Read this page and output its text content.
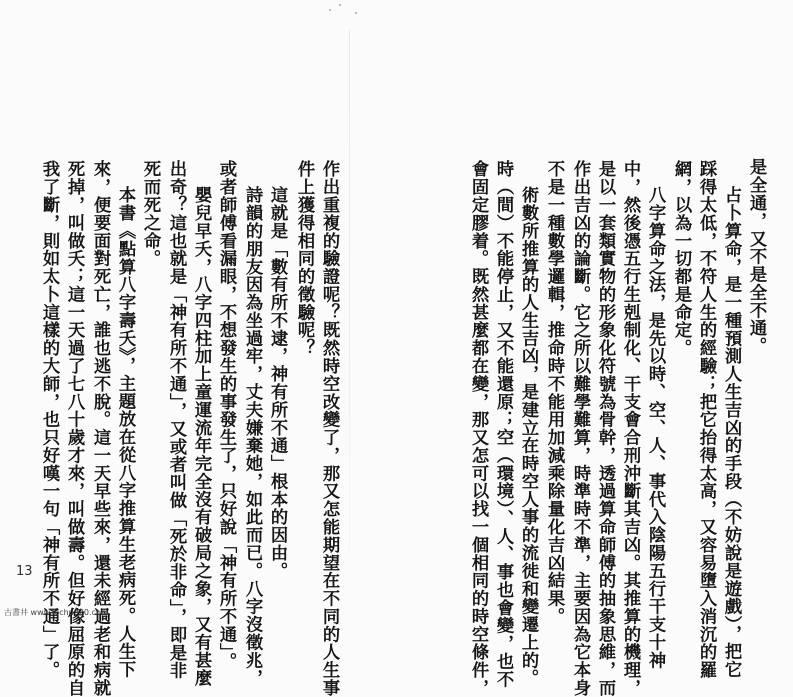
是全通，又不是全不通。
占卜算命，是一種預測人生吉凶的手段（不妨說是遊戲），把它
踩得太低，不符人生的經驗；把它抬得太高，又容易墮入消沉的羅
網，以為一切都是命定。
八字算命之法，是先以時、空、人、事代入陰陽五行干支十神
中，然後憑五行生剋制化、干支會合刑沖斷其吉凶。其推算的機理，
是以一套類實物的形象化符號為骨幹，透過算命師傅的抽象思維，而
作出吉凶的論斷。它之所以難學難算，時準時不準，主要因為它本身
不是一種數學邏輯，推命時不能用加減乘除量化吉凶結果。
術數所推算的人生吉凶，是建立在時空人事的流徙和變遷上的。
時（間）不能停止，又不能還原；空（環境）、人、事也會變，也不
會固定膠着。既然甚麼都在變，那又怎可以找一個相同的時空條件，
作出重複的驗證呢？既然時空改變了，那又怎能期望在不同的人生事
件上獲得相同的徵驗呢？
這就是「數有所不逮，神有所不通」根本的因由。
詩韻的朋友因為坐過牢，丈夫嫌棄她，如此而已。八字沒徵兆，
或者師傅看漏眼，不想發生的事發生了，只好說「神有所不通」。
嬰兒早夭，八字四柱加上童運流年完全沒有破局之象，又有甚麼
出奇？這也就是「神有所不通」，又或者叫做「死於非命」，即是非
死而死之命。
本書《點算八字壽夭》，主題放在從八字推算生老病死。人生下
來，便要面對死亡，誰也逃不脫。這一天早些來，還未經過老和病就
死掉，叫做夭；這一天過了七八十歲才來，叫做壽。但好像屈原的自
我了斷，則如太卜這樣的大師，也只好嘆一句「神有所不通」了。
13
古書井 www.fcchu920.com
